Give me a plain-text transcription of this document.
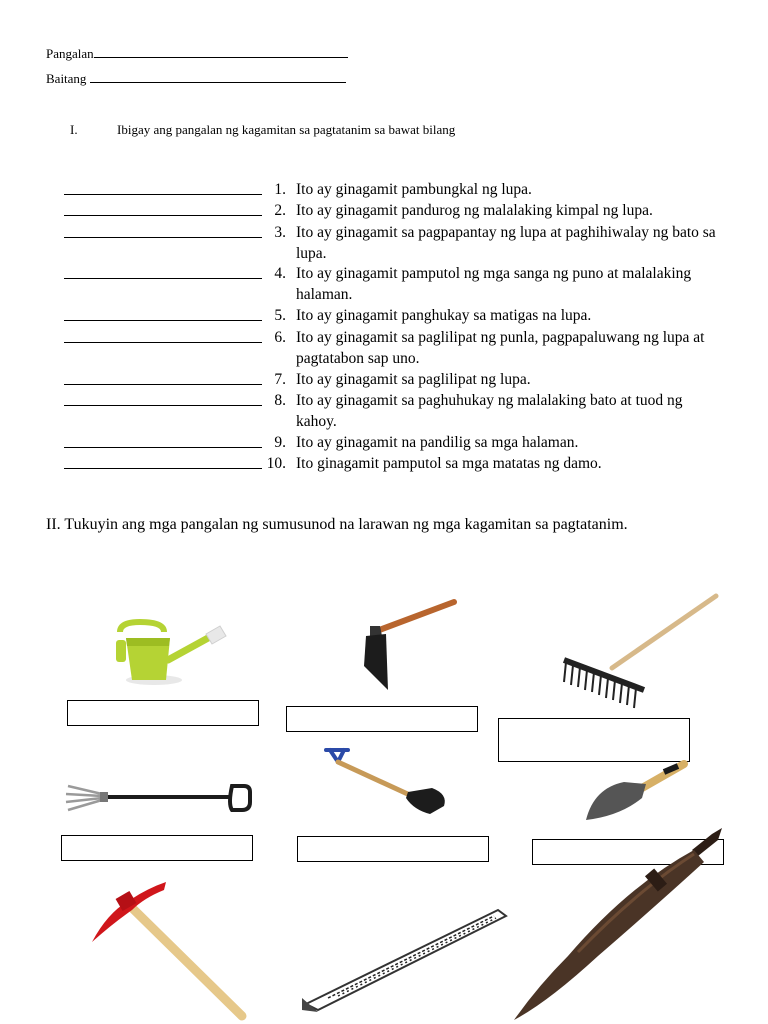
Pangalan
Baitang
I.	Ibigay ang pangalan ng kagamitan sa pagtatanim sa bawat bilang
1. Ito ay ginagamit pambungkal ng lupa.
2. Ito ay ginagamit pandurog ng malalaking kimpal ng lupa.
3. Ito ay ginagamit sa pagpapantay ng lupa at paghihiwalay ng bato sa lupa.
4. Ito ay ginagamit pamputol ng mga sanga ng puno at malalaking halaman.
5. Ito ay ginagamit panghukay sa matigas na lupa.
6. Ito ay ginagamit sa paglilipat ng punla, pagpapaluwang ng lupa at pagtatabon sap uno.
7. Ito ay ginagamit sa paglilipat ng lupa.
8. Ito ay ginagamit sa paghuhukay ng malalaking bato at tuod ng kahoy.
9. Ito ay ginagamit na pandilig sa mga halaman.
10. Ito ginagamit pamputol sa mga matatas ng damo.
II. Tukuyin ang mga pangalan ng sumusunod na larawan ng mga kagamitan sa pagtatanim.
